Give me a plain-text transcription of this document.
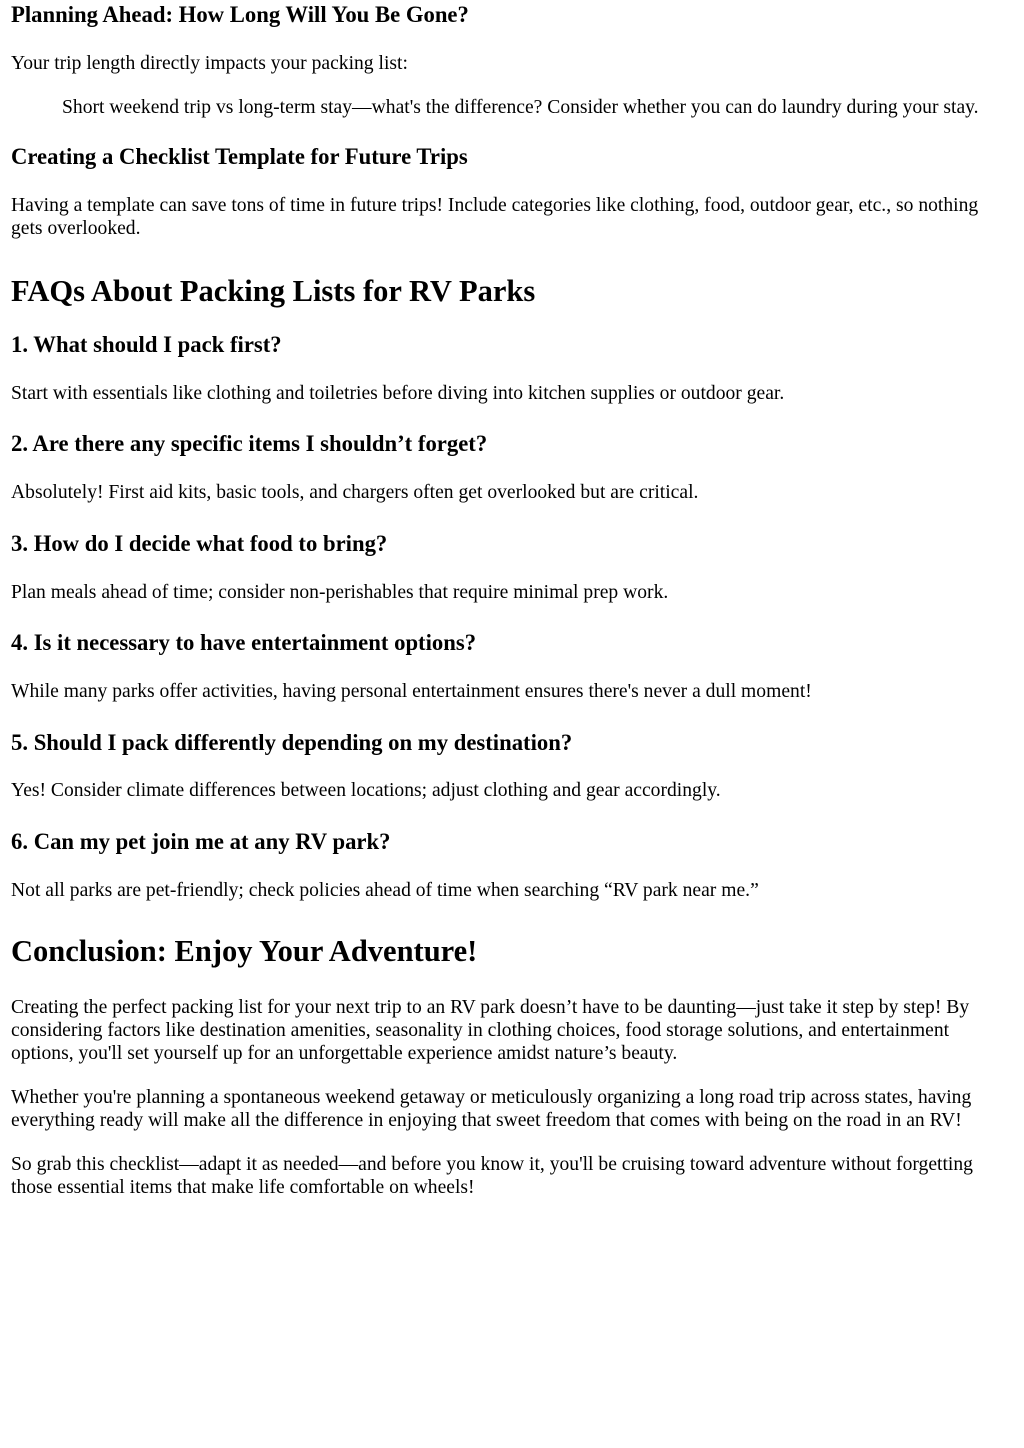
Planning Ahead: How Long Will You Be Gone?

Your trip length directly impacts your packing list:

Short weekend trip vs long-term stay—what's the difference? Consider whether you can do laundry during your stay.
Creating a Checklist Template for Future Trips

Having a template can save tons of time in future trips! Include categories like clothing, food, outdoor gear, etc., so nothing gets overlooked.

FAQs About Packing Lists for RV Parks
1. What should I pack first?

Start with essentials like clothing and toiletries before diving into kitchen supplies or outdoor gear.

2. Are there any specific items I shouldn’t forget?

Absolutely! First aid kits, basic tools, and chargers often get overlooked but are critical.

3. How do I decide what food to bring?

Plan meals ahead of time; consider non-perishables that require minimal prep work.

4. Is it necessary to have entertainment options?

While many parks offer activities, having personal entertainment ensures there's never a dull moment!

5. Should I pack differently depending on my destination?

Yes! Consider climate differences between locations; adjust clothing and gear accordingly.

6. Can my pet join me at any RV park?

Not all parks are pet-friendly; check policies ahead of time when searching “RV park near me.”

Conclusion: Enjoy Your Adventure!

Creating the perfect packing list for your next trip to an RV park doesn’t have to be daunting—just take it step by step! By considering factors like destination amenities, seasonality in clothing choices, food storage solutions, and entertainment options, you'll set yourself up for an unforgettable experience amidst nature’s beauty.

Whether you're planning a spontaneous weekend getaway or meticulously organizing a long road trip across states, having everything ready will make all the difference in enjoying that sweet freedom that comes with being on the road in an RV!

So grab this checklist—adapt it as needed—and before you know it, you'll be cruising toward adventure without forgetting those essential items that make life comfortable on wheels!
